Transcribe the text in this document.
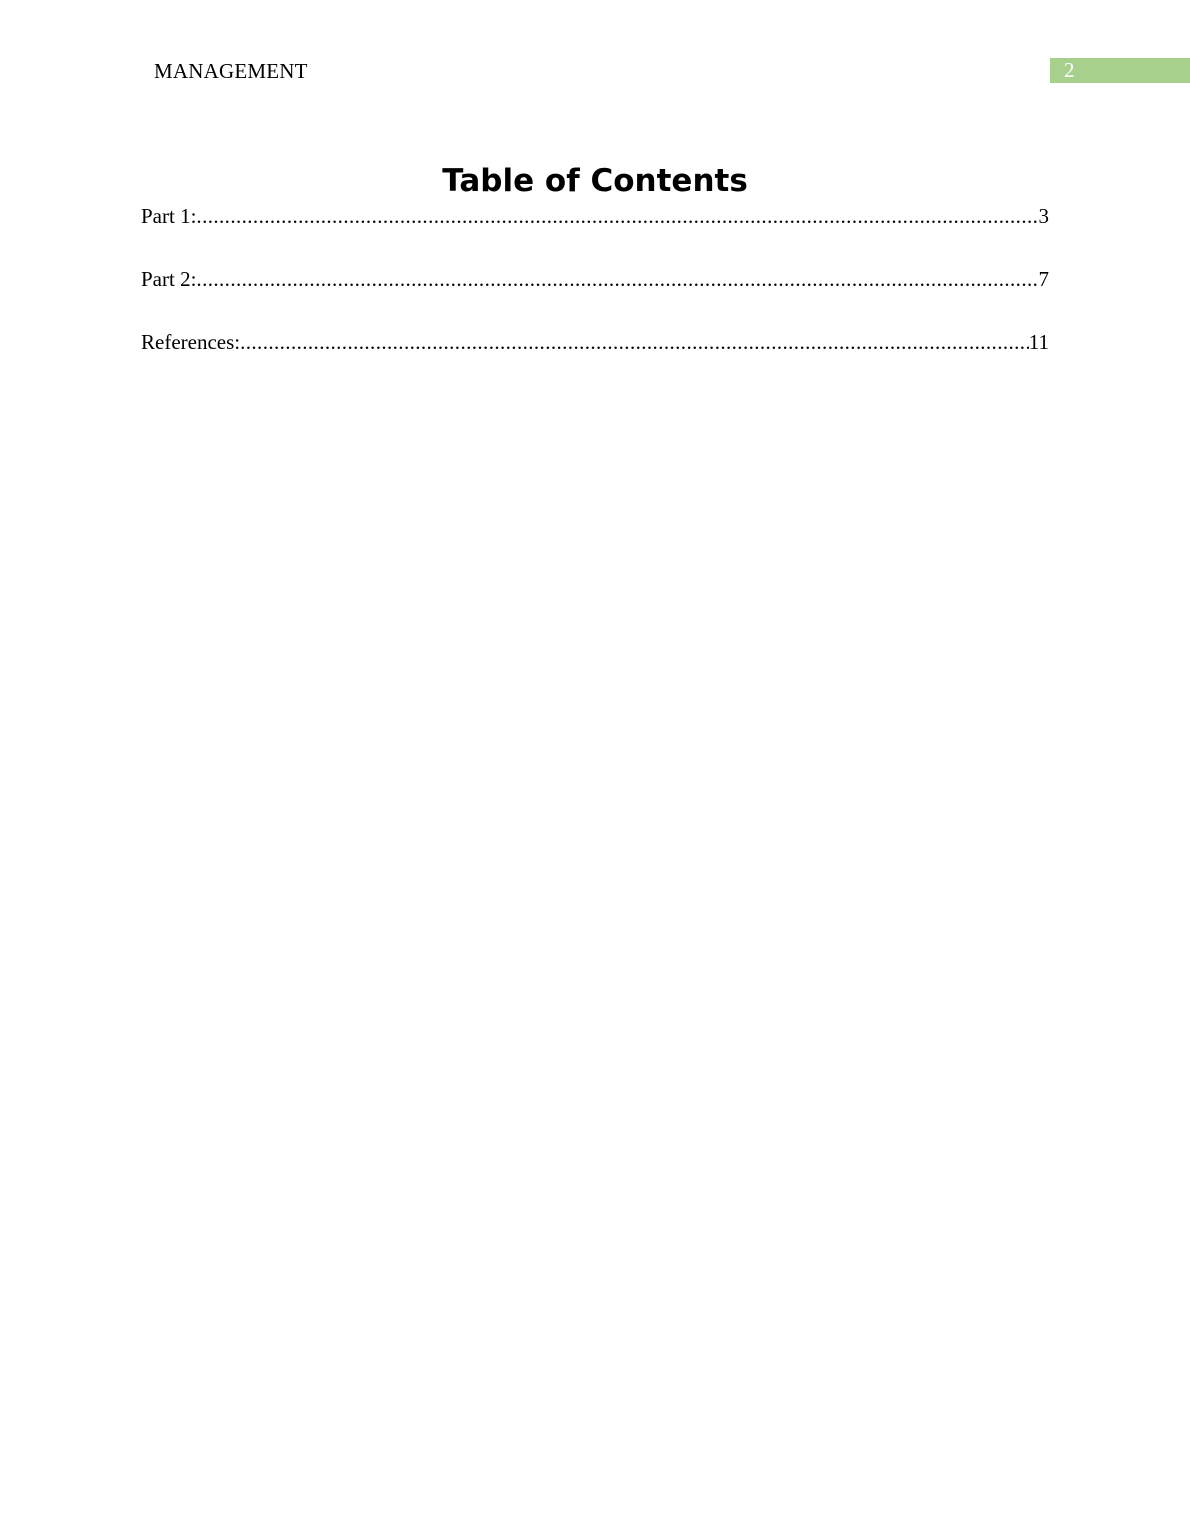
MANAGEMENT	2
Table of Contents
Part 1: .....	3
Part 2: .....	7
References: .....	11
